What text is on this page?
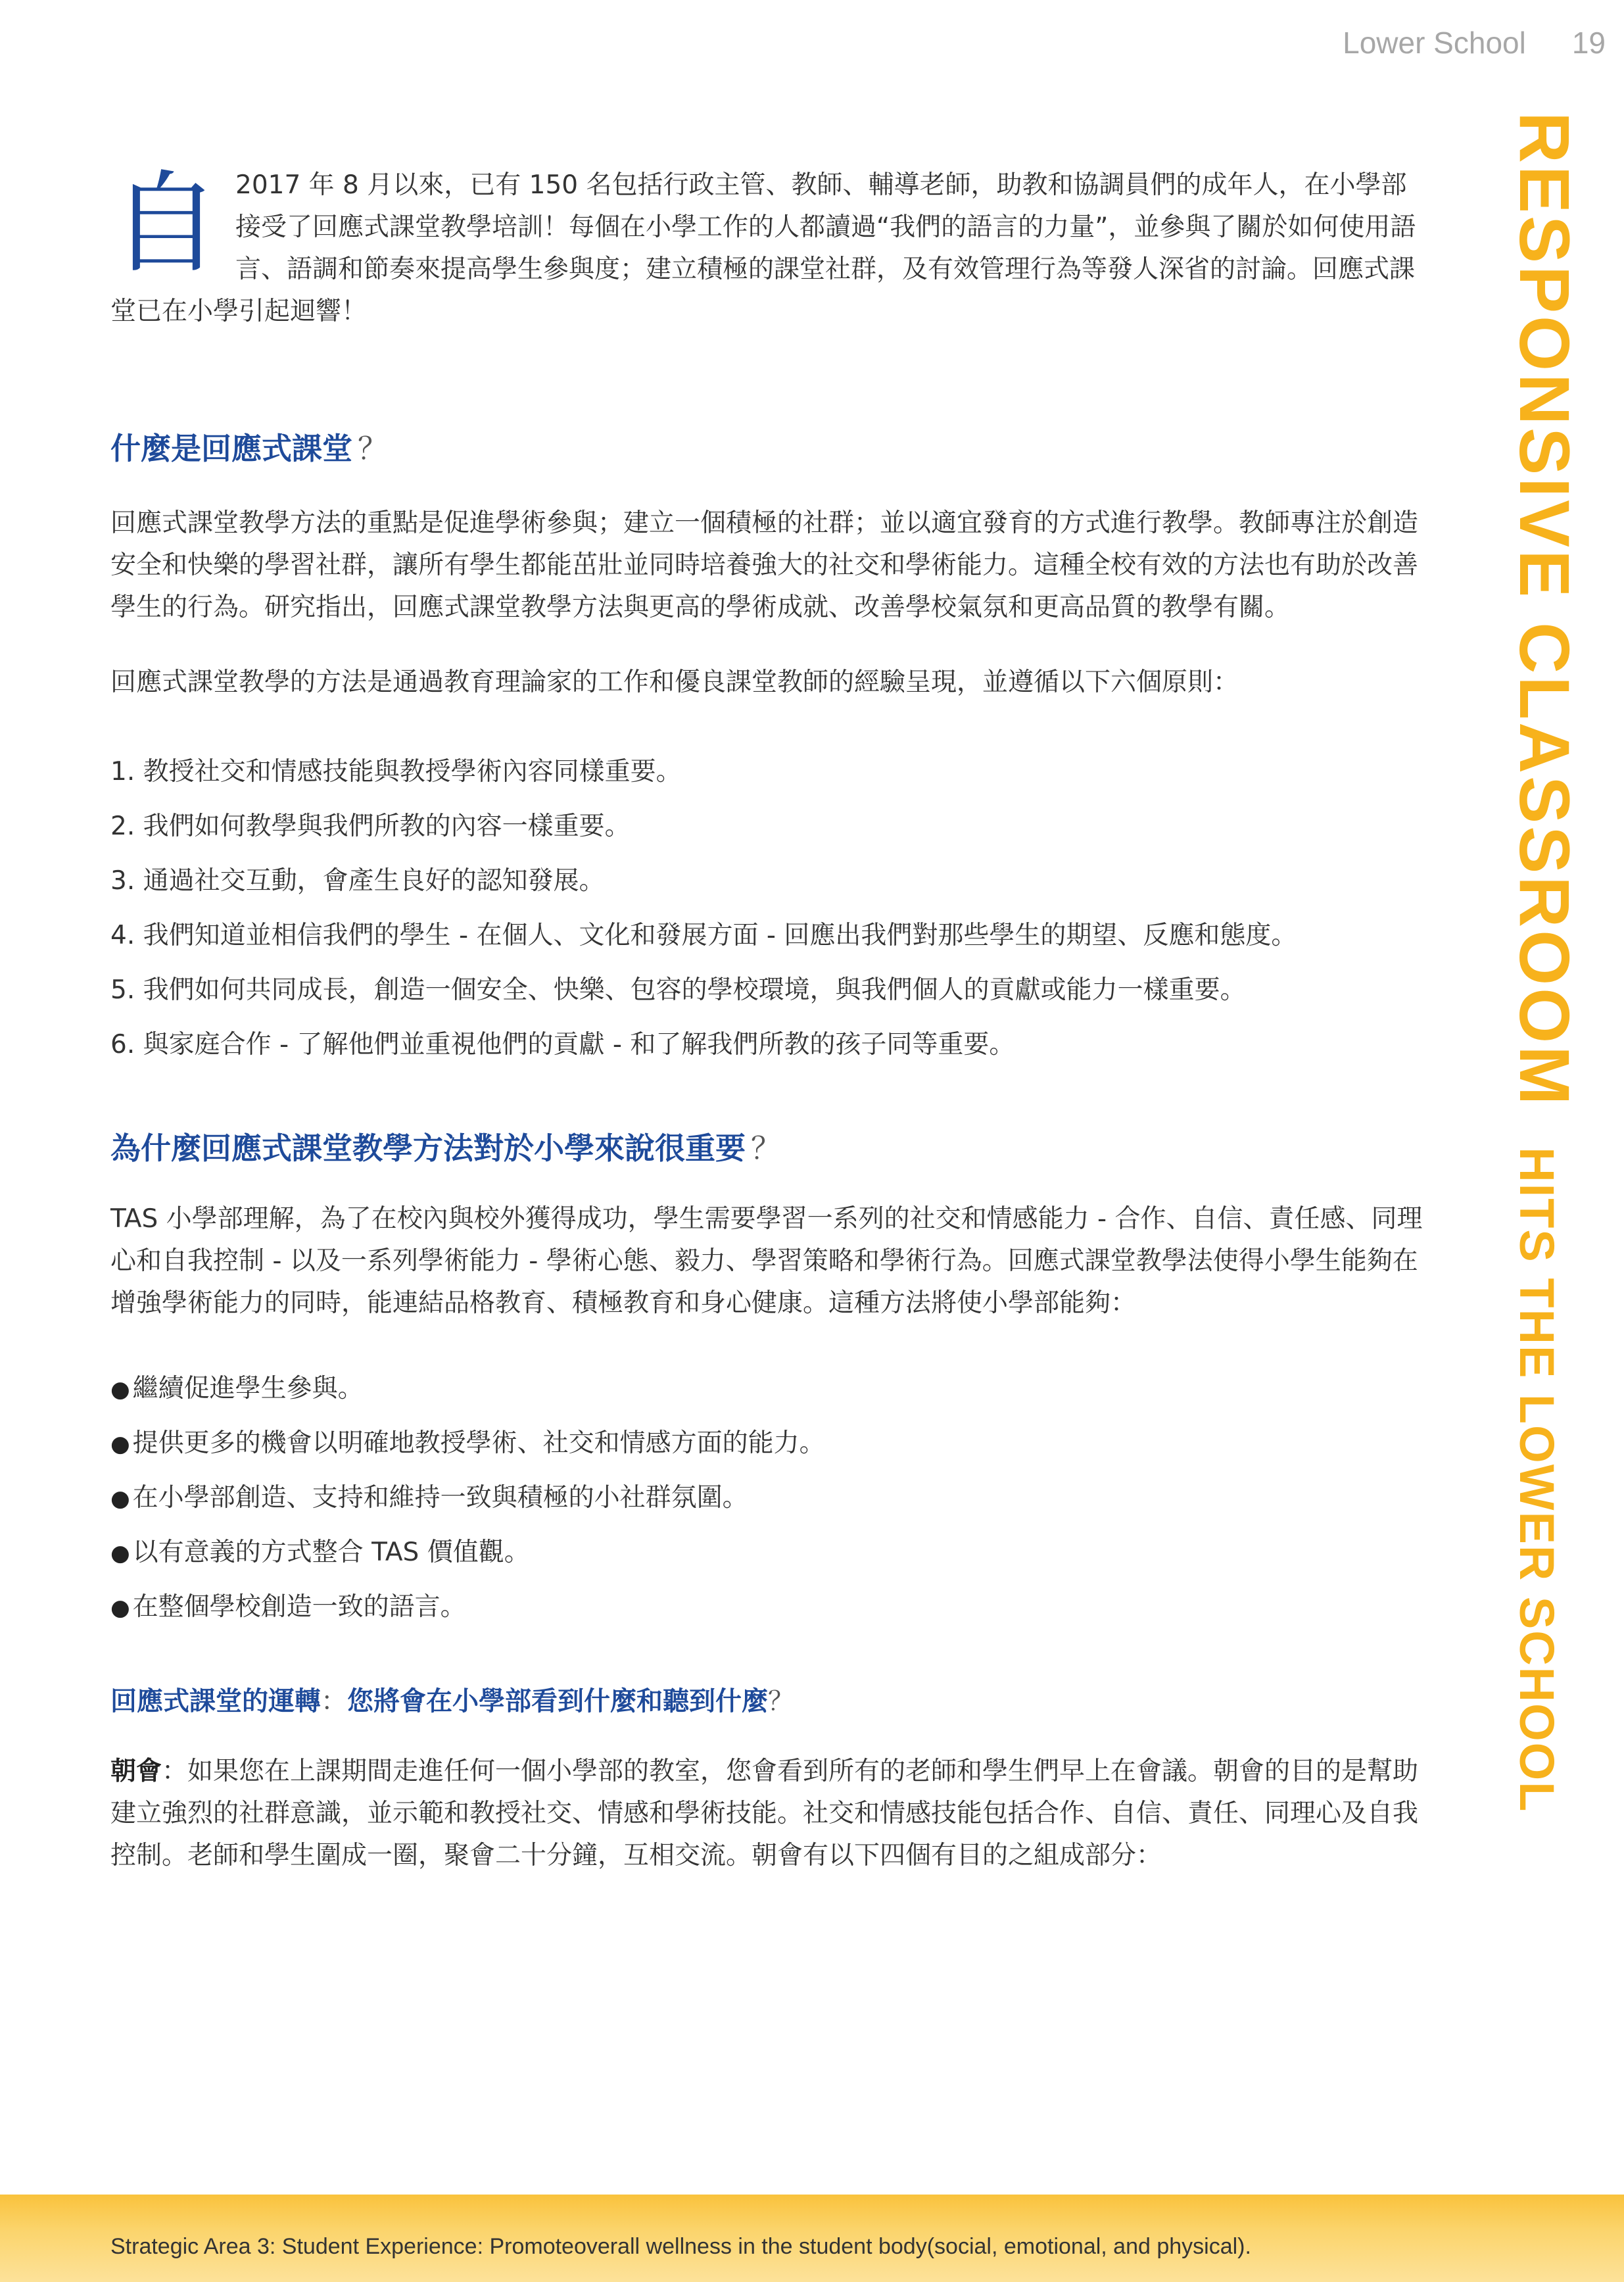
Lower School 19
RESPONSIVE CLASSROOMHITS THE LOWER SCHOOL
自 2017 年 8 月以來，已有 150 名包括行政主管、教師、輔導老師，助教和協調員們的成年人，在小學部接受了回應式課堂教學培訓！每個在小學工作的人都讀過“我們的語言的力量”，並參與了關於如何使用語言、語調和節奏來提高學生參與度；建立積極的課堂社群，及有效管理行為等發人深省的討論。回應式課堂已在小學引起迴響！

什麼是回應式課堂 ？

回應式課堂教學方法的重點是促進學術參與；建立一個積極的社群；並以適宜發育的方式進行教學。教師專注於創造安全和快樂的學習社群，讓所有學生都能茁壯並同時培養強大的社交和學術能力。這種全校有效的方法也有助於改善學生的行為。研究指出，回應式課堂教學方法與更高的學術成就、改善學校氣氛和更高品質的教學有關。

回應式課堂教學的方法是通過教育理論家的工作和優良課堂教師的經驗呈現，並遵循以下六個原則：

1. 教授社交和情感技能與教授學術內容同樣重要。
2. 我們如何教學與我們所教的內容一樣重要。
3. 通過社交互動，會產生良好的認知發展。
4. 我們知道並相信我們的學生 - 在個人、文化和發展方面 - 回應出我們對那些學生的期望、反應和態度。
5. 我們如何共同成長，創造一個安全、快樂、包容的學校環境，與我們個人的貢獻或能力一樣重要。
6. 與家庭合作 - 了解他們並重視他們的貢獻 - 和了解我們所教的孩子同等重要。
為什麼回應式課堂教學方法對於小學來說很重要 ？

TAS 小學部理解，為了在校內與校外獲得成功，學生需要學習一系列的社交和情感能力 - 合作、自信、責任感、同理心和自我控制 - 以及一系列學術能力 - 學術心態、毅力、學習策略和學術行為。回應式課堂教學法使得小學生能夠在增強學術能力的同時，能連結品格教育、積極教育和身心健康。這種方法將使小學部能夠：

● 繼續促進學生參與。
● 提供更多的機會以明確地教授學術、社交和情感方面的能力。
● 在小學部創造、支持和維持一致與積極的小社群氛圍。
● 以有意義的方式整合 TAS 價值觀。
● 在整個學校創造一致的語言。
回應式課堂的運轉：您將會在小學部看到什麼和聽到什麼？

朝會：如果您在上課期間走進任何一個小學部的教室，您會看到所有的老師和學生們早上在會議。朝會的目的是幫助建立強烈的社群意識，並示範和教授社交、情感和學術技能。社交和情感技能包括合作、自信、責任、同理心及自我控制。老師和學生圍成一圈，聚會二十分鐘，互相交流。朝會有以下四個有目的之組成部分：

Strategic Area 3: Student Experience: Promoteoverall wellness in the student body(social, emotional, and physical).
